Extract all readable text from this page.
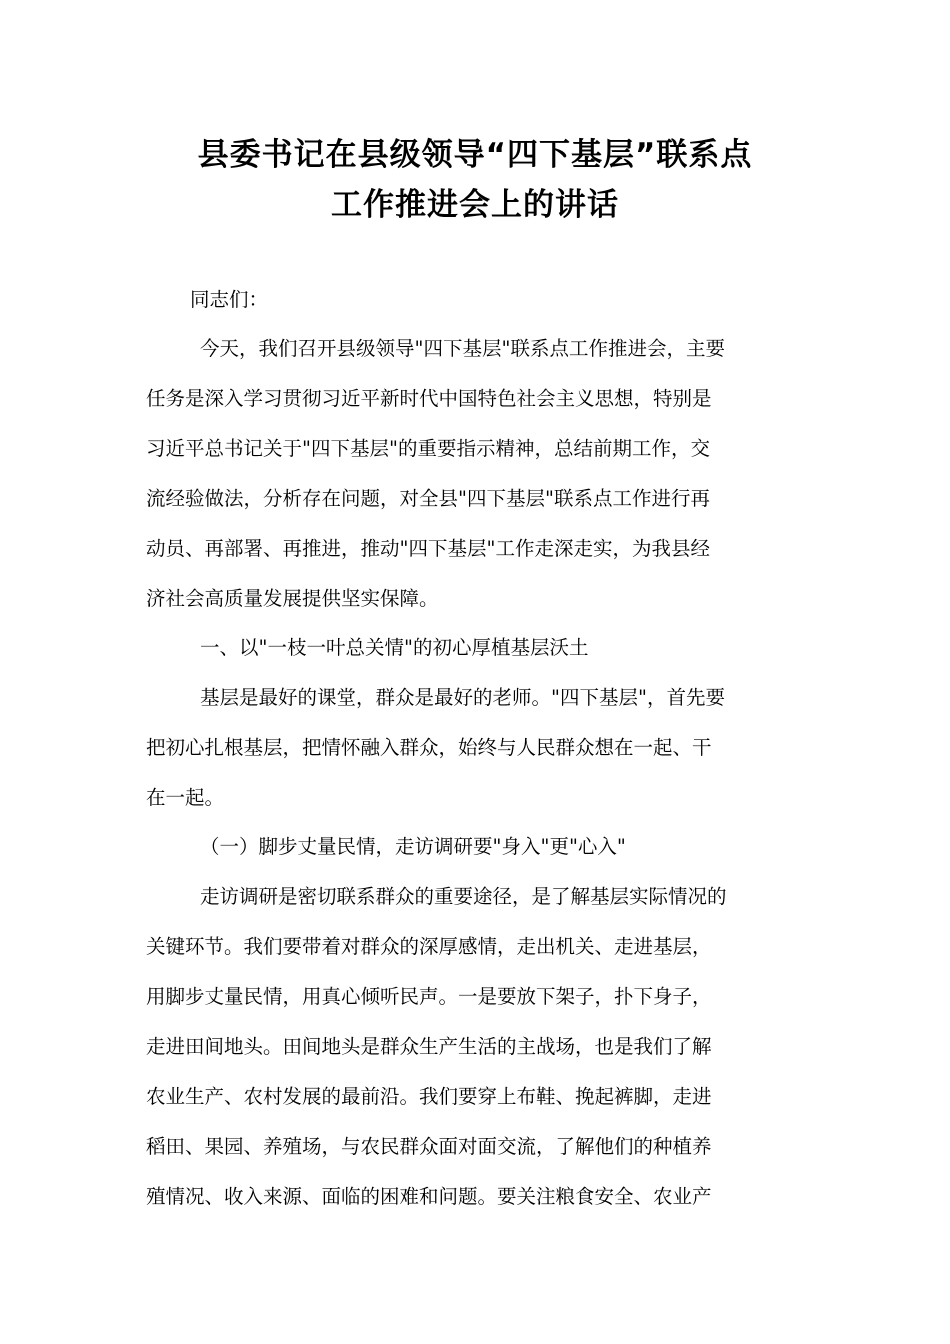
县委书记在县级领导“四下基层”联系点
工作推进会上的讲话

同志们：

今天，我们召开县级领导"四下基层"联系点工作推进会，主要

任务是深入学习贯彻习近平新时代中国特色社会主义思想，特别是

习近平总书记关于"四下基层"的重要指示精神，总结前期工作，交

流经验做法，分析存在问题，对全县"四下基层"联系点工作进行再

动员、再部署、再推进，推动"四下基层"工作走深走实，为我县经

济社会高质量发展提供坚实保障。

一、以"一枝一叶总关情"的初心厚植基层沃土

基层是最好的课堂，群众是最好的老师。"四下基层"，首先要

把初心扎根基层，把情怀融入群众，始终与人民群众想在一起、干

在一起。

（一）脚步丈量民情，走访调研要"身入"更"心入"

走访调研是密切联系群众的重要途径，是了解基层实际情况的

关键环节。我们要带着对群众的深厚感情，走出机关、走进基层，

用脚步丈量民情，用真心倾听民声。一是要放下架子，扑下身子，

走进田间地头。田间地头是群众生产生活的主战场，也是我们了解

农业生产、农村发展的最前沿。我们要穿上布鞋、挽起裤脚，走进

稻田、果园、养殖场，与农民群众面对面交流，了解他们的种植养

殖情况、收入来源、面临的困难和问题。要关注粮食安全、农业产
